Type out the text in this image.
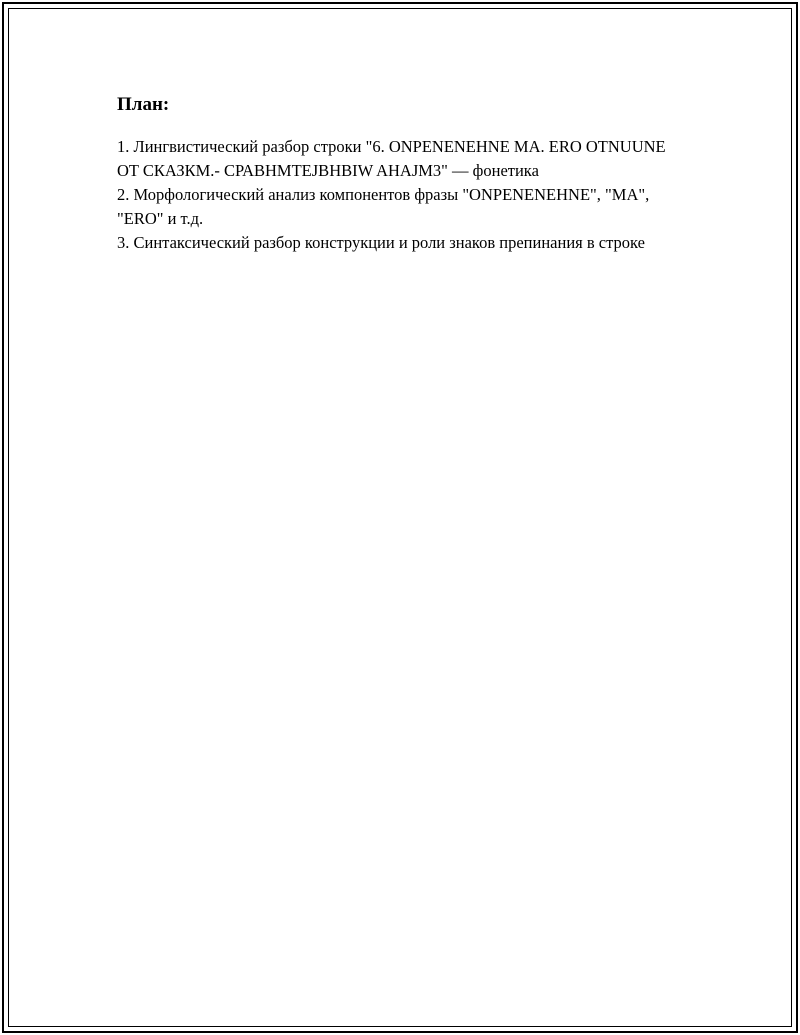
План:

1. Лингвистический разбор строки "6. ONPENENEHNE MA. ERO OTNUUNE OT СКАЗКМ.- СРАВНМТЕJBHBIW AHAJM3" — фонетика

2. Морфологический анализ компонентов фразы "ONPENENEHNE", "MA", "ERO" и т.д.

3. Синтаксический разбор конструкции и роли знаков препинания в строке
